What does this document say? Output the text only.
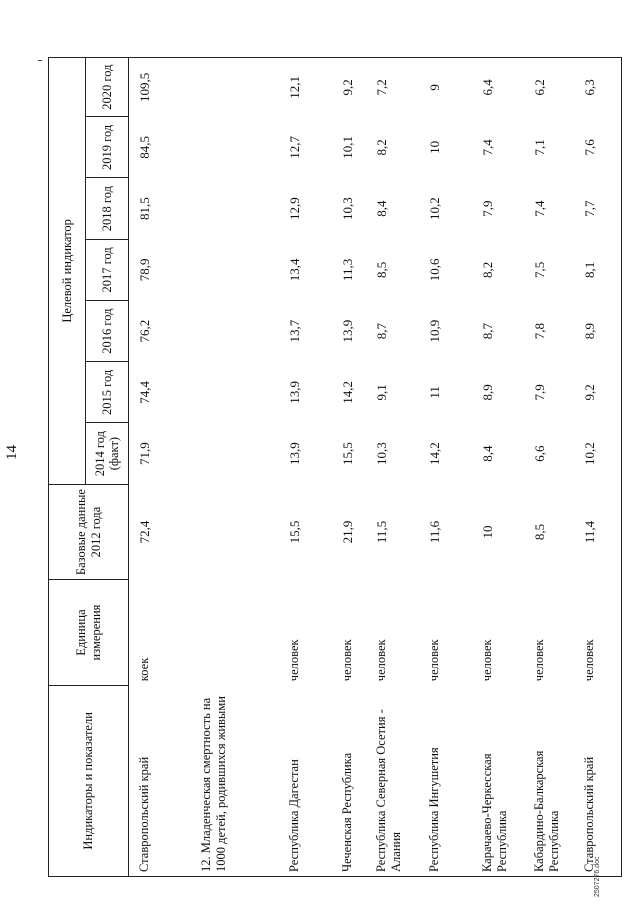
14
Индикаторы и показатели	Единица измерения	Базовые данные 2012 года	Целевой индикатор						
			2014 год (факт)	2015 год	2016 год	2017 год	2018 год	2019 год	2020 год
Ставропольский край	коек	72,4	71,9	74,4	76,2	78,9	81,5	84,5	109,5
12. Младенческая смертность на 1000 детей, родившихся живыми									
Республика Дагестан	человек	15,5	13,9	13,9	13,7	13,4	12,9	12,7	12,1
Чеченская Республика	человек	21,9	15,5	14,2	13,9	11,3	10,3	10,1	9,2
Республика Северная Осетия - Алания	человек	11,5	10,3	9,1	8,7	8,5	8,4	8,2	7,2
Республика Ингушетия	человек	11,6	14,2	11	10,9	10,6	10,2	10	9
Карачаево-Черкесская Республика	человек	10	8,4	8,9	8,7	8,2	7,9	7,4	6,4
Кабардино-Балкарская Республика	человек	8,5	6,6	7,9	7,8	7,5	7,4	7,1	6,2
Ставропольский край	человек	11,4	10,2	9,2	8,9	8,1	7,7	7,6	6,3
2507276.doc
